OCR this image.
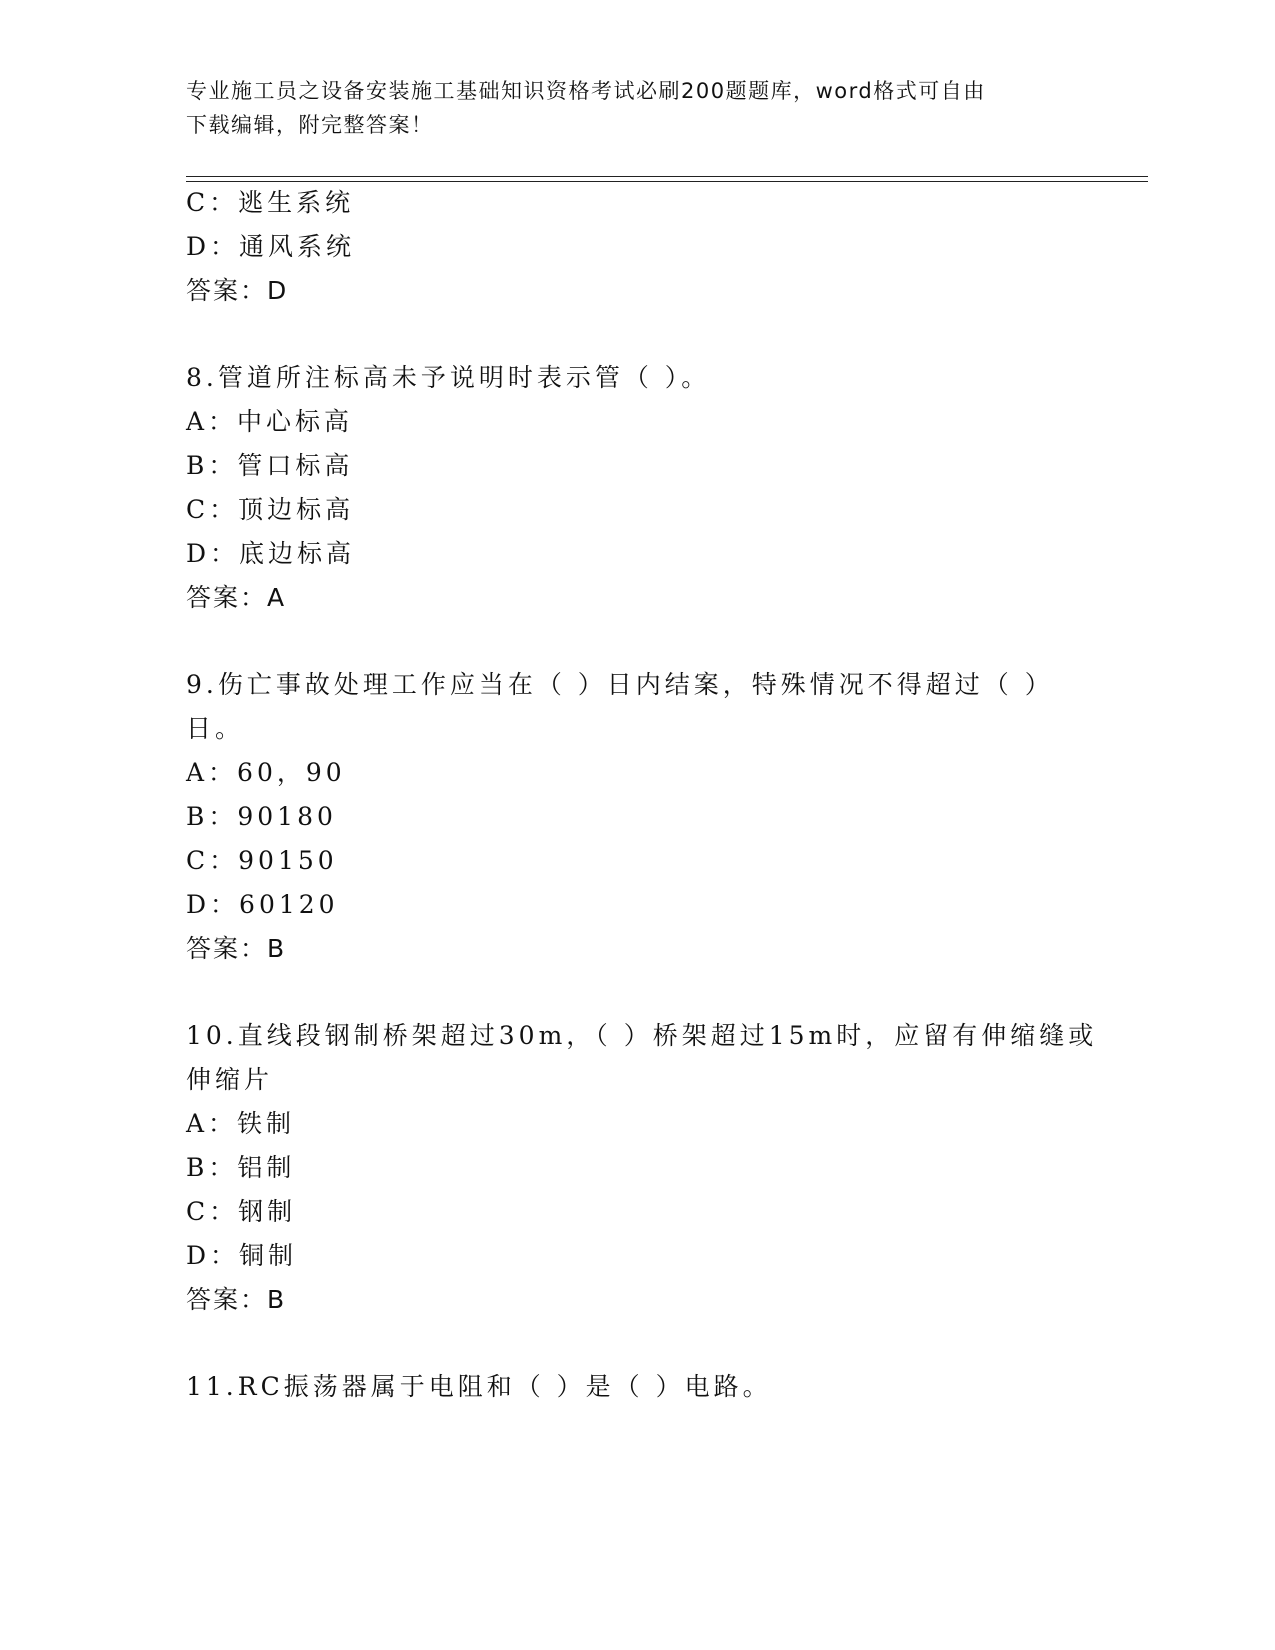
专业施工员之设备安装施工基础知识资格考试必刷200题题库，word格式可自由
下载编辑，附完整答案！
C：逃生系统
D：通风系统
答案：D
8.管道所注标高未予说明时表示管（ ）。
A：中心标高
B：管口标高
C：顶边标高
D：底边标高
答案：A
9.伤亡事故处理工作应当在（ ）日内结案，特殊情况不得超过（ ）
日。
A：60，90
B：90180
C：90150
D：60120
答案：B
10.直线段钢制桥架超过30m，（ ）桥架超过15m时，应留有伸缩缝或
伸缩片
A：铁制
B：铝制
C：钢制
D：铜制
答案：B
11.RC振荡器属于电阻和（ ）是（ ）电路。
